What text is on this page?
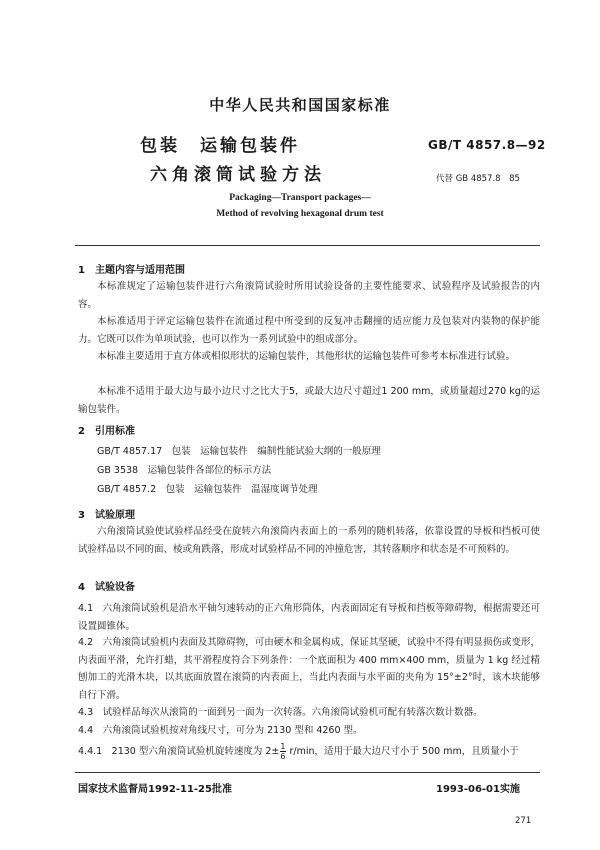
中华人民共和国国家标准
包装　运输包装件
六角滚筒试验方法
GB/T 4857.8—92
代替 GB 4857.8　85
Packaging—Transport packages—
Method of revolving hexagonal drum test
1　主题内容与适用范围
本标准规定了运输包装件进行六角滚筒试验时所用试验设备的主要性能要求、试验程序及试验报告的内容。
本标准适用于评定运输包装件在流通过程中所受到的反复冲击翻撞的适应能力及包装对内装物的保护能力。它既可以作为单项试验，也可以作为一系列试验中的组成部分。
本标准主要适用于直方体或相似形状的运输包装件，其他形状的运输包装件可参考本标准进行试验。
本标准不适用于最大边与最小边尺寸之比大于5，或最大边尺寸超过1 200 mm，或质量超过270 kg的运输包装件。
2　引用标准
GB/T 4857.17　包装　运输包装件　编制性能试验大纲的一般原理
GB 3538　运输包装件各部位的标示方法
GB/T 4857.2　包装　运输包装件　温湿度调节处理
3　试验原理
六角滚筒试验使试验样品经受在旋转六角滚筒内表面上的一系列的随机转落，依靠设置的导板和挡板可使试验样品以不同的面、棱或角跌落，形成对试验样品不同的冲撞危害，其转落顺序和状态是不可预料的。
4　试验设备
4.1　六角滚筒试验机是沿水平轴匀速转动的正六角形筒体，内表面固定有导板和挡板等障碍物，根据需要还可设置圆锥体。
4.2　六角滚筒试验机内表面及其障碍物，可由硬木和金属构成，保证其坚硬，试验中不得有明显损伤或变形，内表面平滑，允许打蜡，其平滑程度符合下列条件：一个底面积为 400 mm×400 mm，质量为 1 kg 经过精刨加工的光滑木块，以其底面放置在滚筒的内表面上，当此内表面与水平面的夹角为 15°±2°时，该木块能够自行下滑。
4.3　试验样品每次从滚筒的一面到另一面为一次转落。六角滚筒试验机可配有转落次数计数器。
4.4　六角滚筒试验机按对角线尺寸，可分为 2130 型和 4260 型。
4.4.1　2130 型六角滚筒试验机旋转速度为 $2\pm \frac{1}{6} r/\min$，适用于最大边尺寸小于 500 mm，且质量小于
国家技术监督局1992-11-25批准	1993-06-01实施
271
